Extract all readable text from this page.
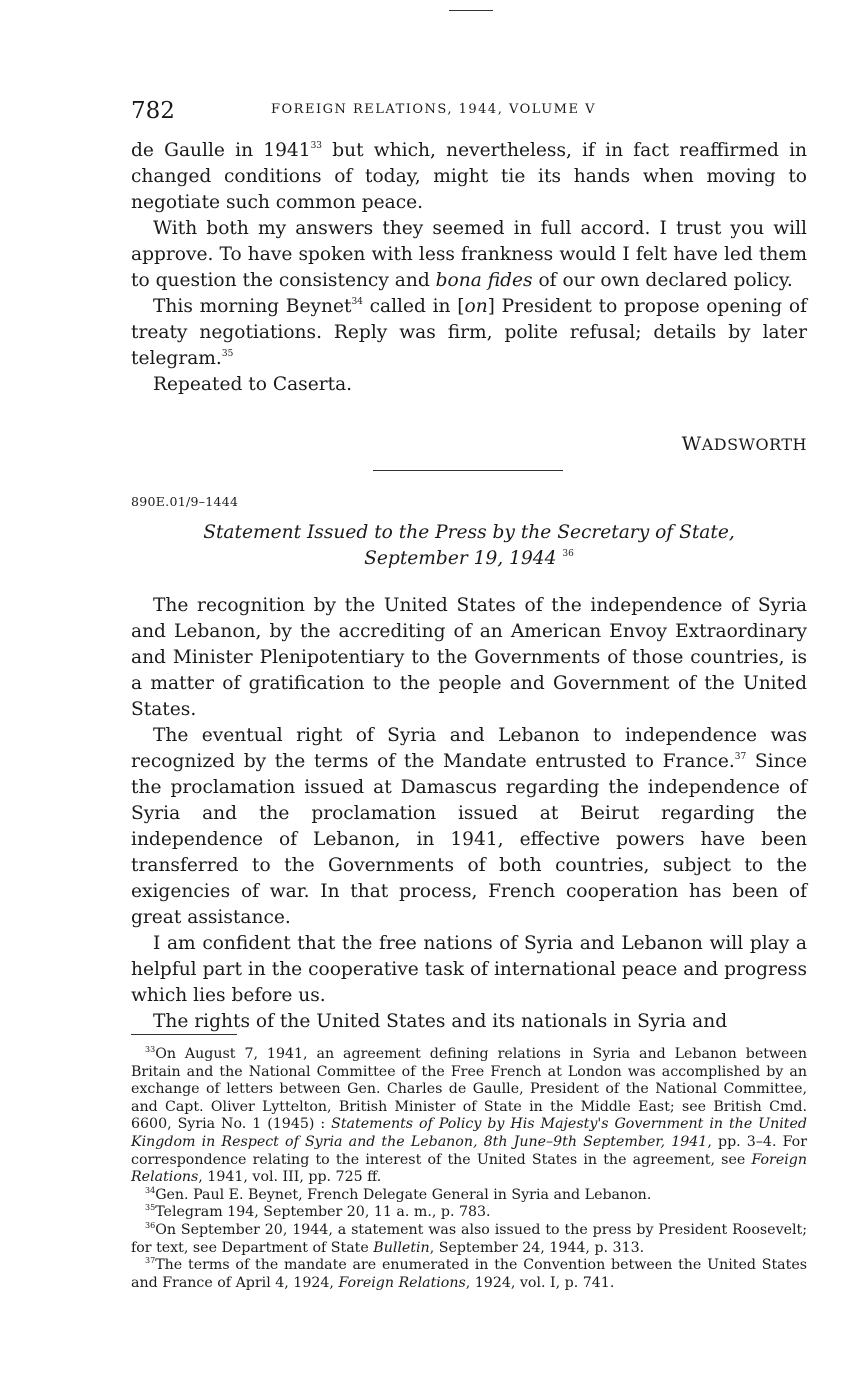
782	FOREIGN RELATIONS, 1944, VOLUME V

de Gaulle in 1941$^{33}$ but which, nevertheless, if in fact reaffirmed in changed conditions of today, might tie its hands when moving to negotiate such common peace.

With both my answers they seemed in full accord. I trust you will approve. To have spoken with less frankness would I felt have led them to question the consistency and bona fides of our own declared policy.

This morning Beynet$^{34}$ called in [on] President to propose opening of treaty negotiations. Reply was firm, polite refusal; details by later telegram.$^{35}$

Repeated to Caserta.

WADSWORTH
890E.01/9–1444
Statement Issued to the Press by the Secretary of State,
September 19, 1944 $^{36}$

The recognition by the United States of the independence of Syria and Lebanon, by the accrediting of an American Envoy Extraordinary and Minister Plenipotentiary to the Governments of those countries, is a matter of gratification to the people and Government of the United States.

The eventual right of Syria and Lebanon to independence was recognized by the terms of the Mandate entrusted to France.$^{37}$ Since the proclamation issued at Damascus regarding the independence of Syria and the proclamation issued at Beirut regarding the independence of Lebanon, in 1941, effective powers have been transferred to the Governments of both countries, subject to the exigencies of war. In that process, French cooperation has been of great assistance.

I am confident that the free nations of Syria and Lebanon will play a helpful part in the cooperative task of international peace and progress which lies before us.

The rights of the United States and its nationals in Syria and

$^{33}$On August 7, 1941, an agreement defining relations in Syria and Lebanon between Britain and the National Committee of the Free French at London was accomplished by an exchange of letters between Gen. Charles de Gaulle, President of the National Committee, and Capt. Oliver Lyttelton, British Minister of State in the Middle East; see British Cmd. 6600, Syria No. 1 (1945) : Statements of Policy by His Majesty's Government in the United Kingdom in Respect of Syria and the Lebanon, 8th June–9th September, 1941, pp. 3–4. For correspondence relating to the interest of the United States in the agreement, see Foreign Relations, 1941, vol. III, pp. 725 ff.

$^{34}$Gen. Paul E. Beynet, French Delegate General in Syria and Lebanon.

$^{35}$Telegram 194, September 20, 11 a. m., p. 783.

$^{36}$On September 20, 1944, a statement was also issued to the press by President Roosevelt; for text, see Department of State Bulletin, September 24, 1944, p. 313.

$^{37}$The terms of the mandate are enumerated in the Convention between the United States and France of April 4, 1924, Foreign Relations, 1924, vol. I, p. 741.
